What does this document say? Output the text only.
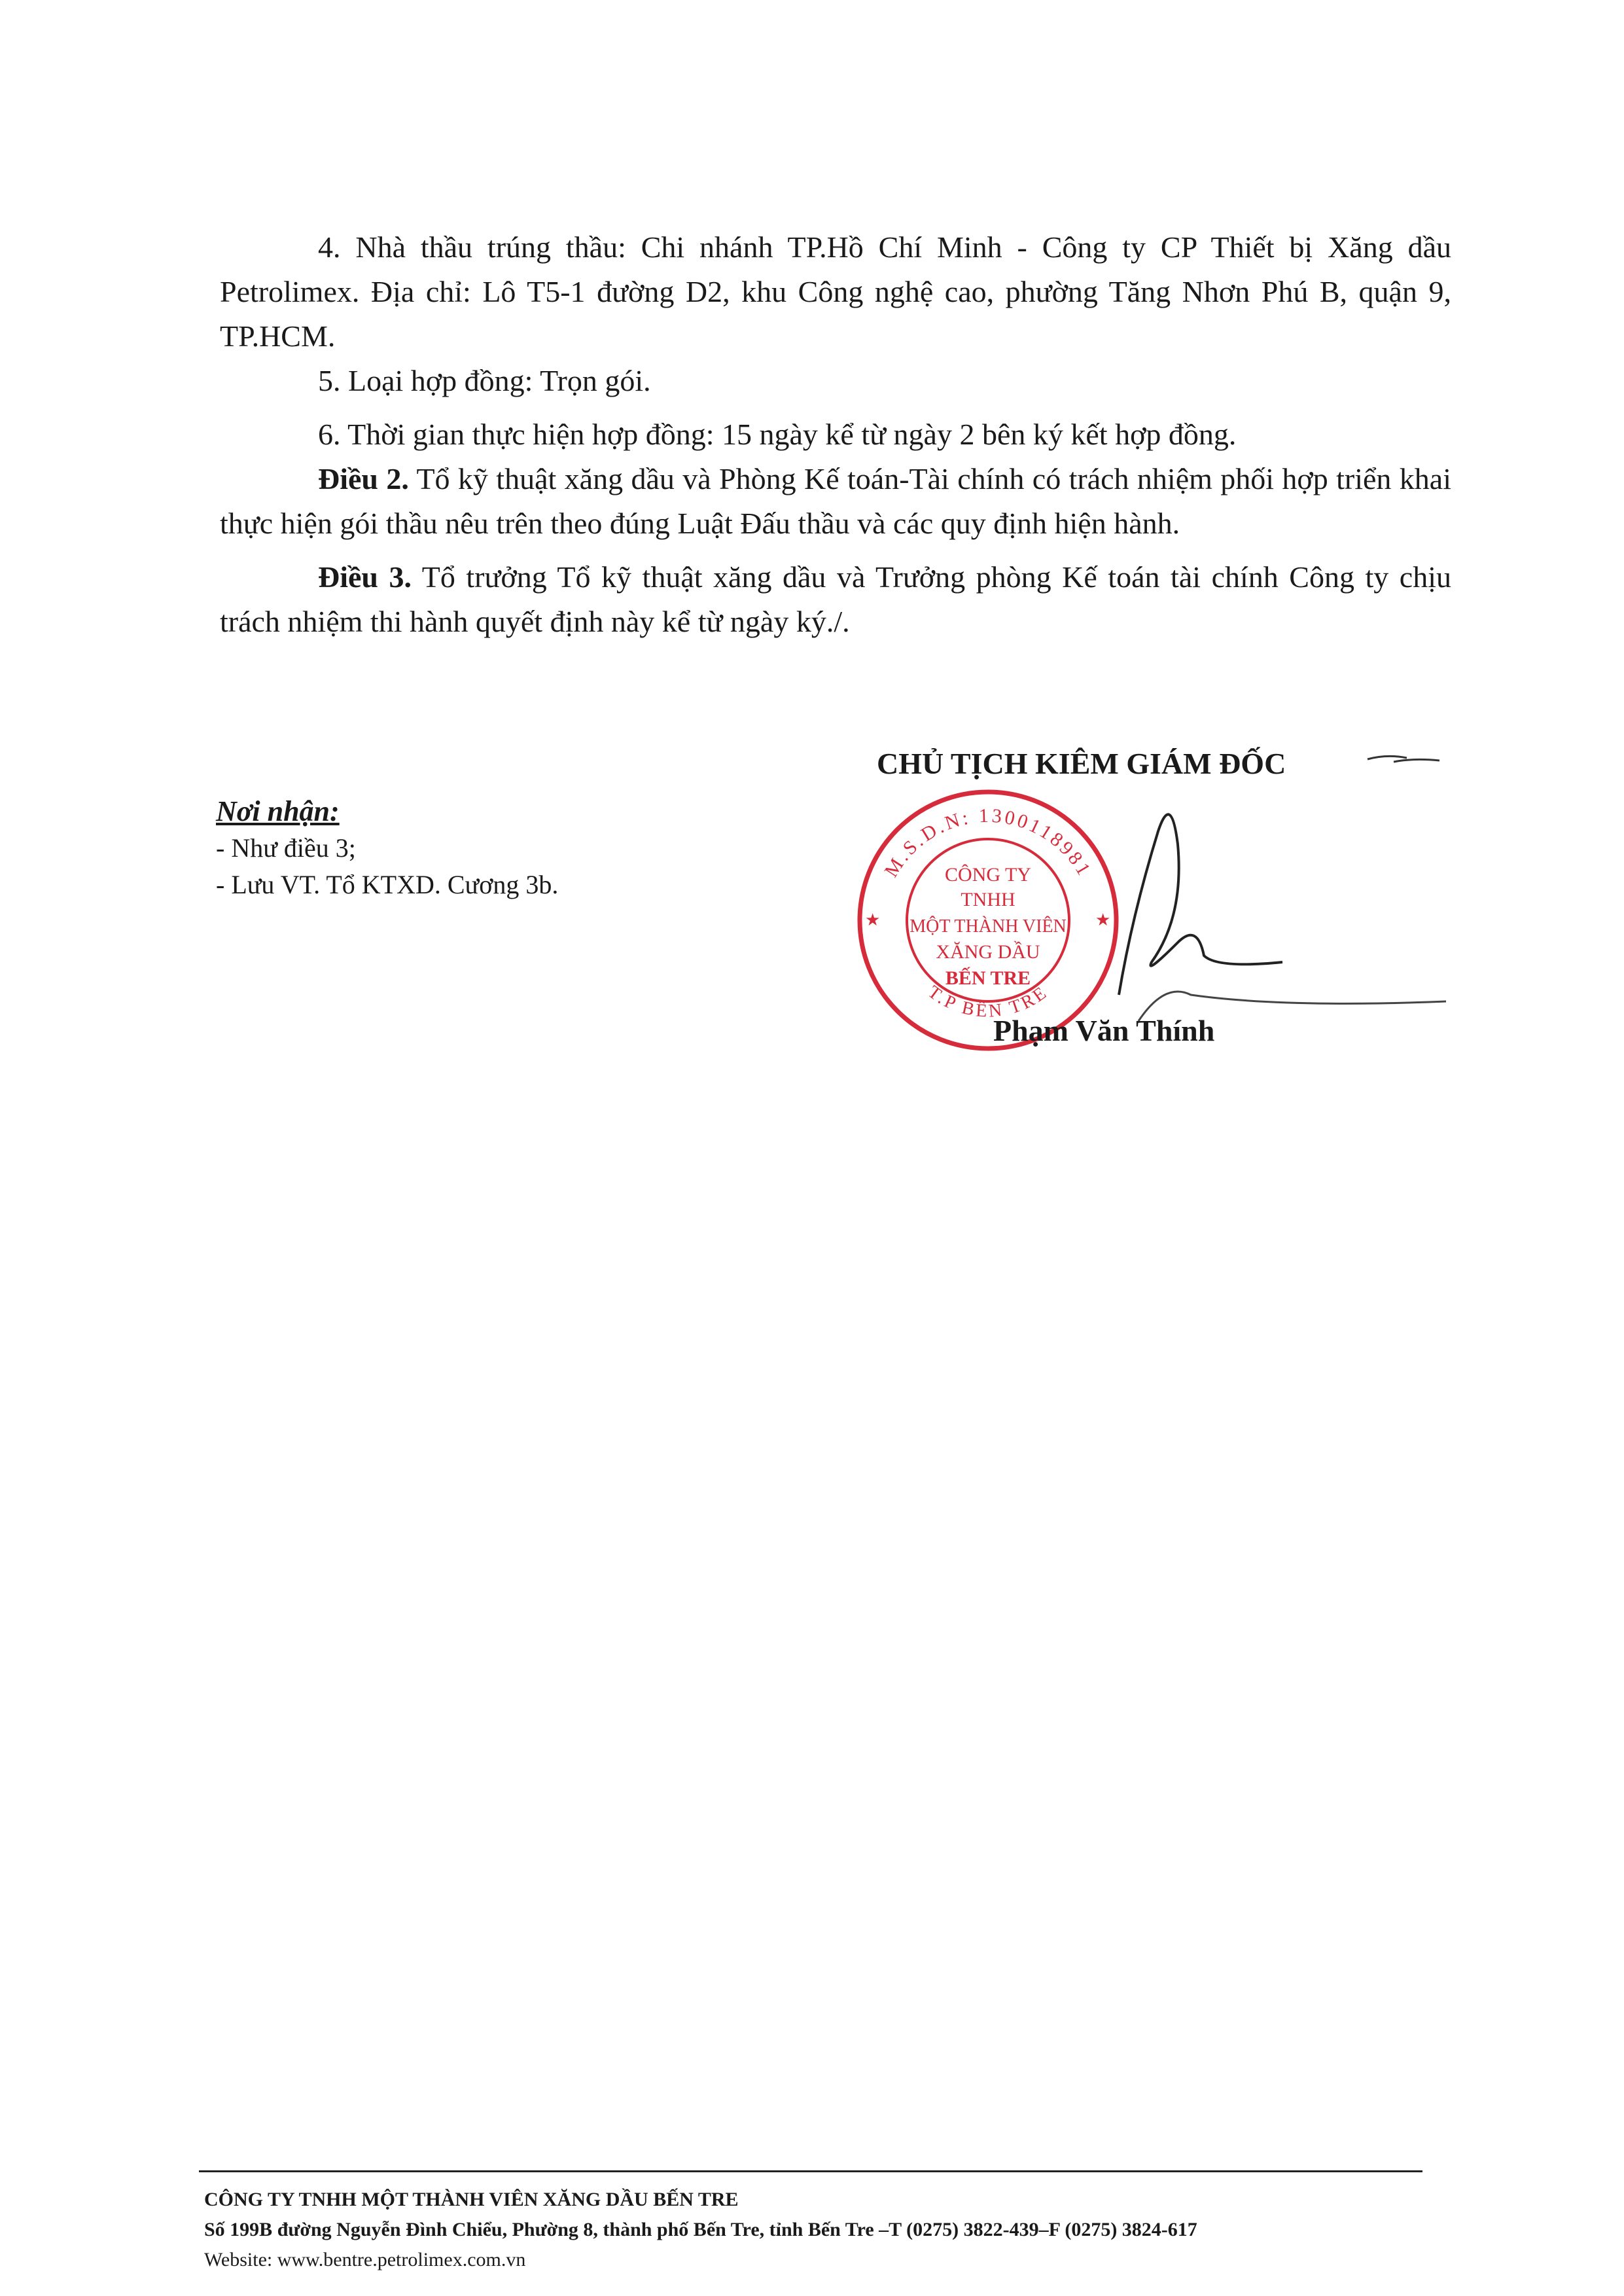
4. Nhà thầu trúng thầu: Chi nhánh TP.Hồ Chí Minh - Công ty CP Thiết bị Xăng dầu Petrolimex. Địa chỉ: Lô T5-1 đường D2, khu Công nghệ cao, phường Tăng Nhơn Phú B, quận 9, TP.HCM.

5. Loại hợp đồng: Trọn gói.

6. Thời gian thực hiện hợp đồng: 15 ngày kể từ ngày 2 bên ký kết hợp đồng.

Điều 2. Tổ kỹ thuật xăng dầu và Phòng Kế toán-Tài chính có trách nhiệm phối hợp triển khai thực hiện gói thầu nêu trên theo đúng Luật Đấu thầu và các quy định hiện hành.

Điều 3. Tổ trưởng Tổ kỹ thuật xăng dầu và Trưởng phòng Kế toán tài chính Công ty chịu trách nhiệm thi hành quyết định này kể từ ngày ký./.

CHỦ TỊCH KIÊM GIÁM ĐỐC
Nơi nhận:
- Như điều 3;
- Lưu VT. Tổ KTXD. Cương 3b.
M.S.D.N: 1300118981
T.P BẾN TRE
★	★
CÔNG TY
TNHH
MỘT THÀNH VIÊN
XĂNG DẦU
BẾN TRE
Phạm Văn Thính
CÔNG TY TNHH MỘT THÀNH VIÊN XĂNG DẦU BẾN TRE
Số 199B đường Nguyễn Đình Chiểu, Phường 8, thành phố Bến Tre, tỉnh Bến Tre –T (0275) 3822-439–F (0275) 3824-617
Website: www.bentre.petrolimex.com.vn
